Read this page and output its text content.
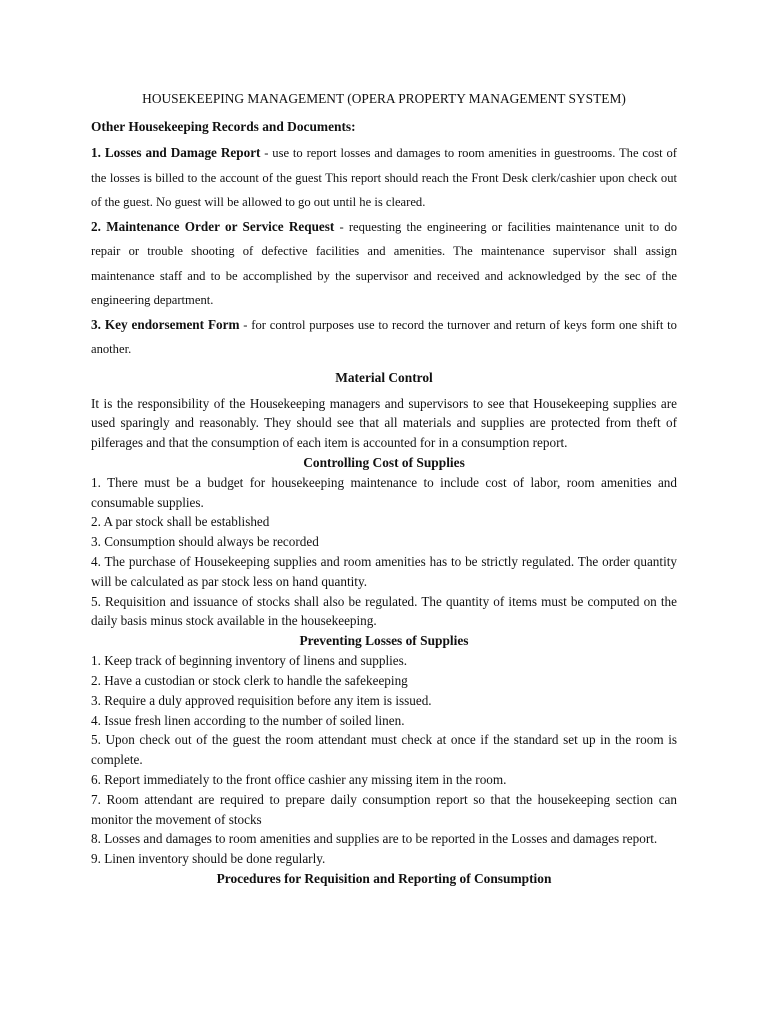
HOUSEKEEPING MANAGEMENT (OPERA PROPERTY MANAGEMENT SYSTEM)

Other Housekeeping Records and Documents:

1. Losses and Damage Report - use to report losses and damages to room amenities in guestrooms. The cost of the losses is billed to the account of the guest This report should reach the Front Desk clerk/cashier upon check out of the guest. No guest will be allowed to go out until he is cleared.

2. Maintenance Order or Service Request - requesting the engineering or facilities maintenance unit to do repair or trouble shooting of defective facilities and amenities. The maintenance supervisor shall assign maintenance staff and to be accomplished by the supervisor and received and acknowledged by the sec of the engineering department.

3. Key endorsement Form - for control purposes use to record the turnover and return of keys form one shift to another.

Material Control

It is the responsibility of the Housekeeping managers and supervisors to see that Housekeeping supplies are used sparingly and reasonably. They should see that all materials and supplies are protected from theft of pilferages and that the consumption of each item is accounted for in a consumption report.

Controlling Cost of Supplies

1. There must be a budget for housekeeping maintenance to include cost of labor, room amenities and consumable supplies.
2. A par stock shall be established
3. Consumption should always be recorded
4. The purchase of Housekeeping supplies and room amenities has to be strictly regulated. The order quantity will be calculated as par stock less on hand quantity.
5. Requisition and issuance of stocks shall also be regulated. The quantity of items must be computed on the daily basis minus stock available in the housekeeping.

Preventing Losses of Supplies

1. Keep track of beginning inventory of linens and supplies.
2. Have a custodian or stock clerk to handle the safekeeping
3. Require a duly approved requisition before any item is issued.
4. Issue fresh linen according to the number of soiled linen.
5. Upon check out of the guest the room attendant must check at once if the standard set up in the room is complete.
6. Report immediately to the front office cashier any missing item in the room.
7. Room attendant are required to prepare daily consumption report so that the housekeeping section can monitor the movement of stocks
8. Losses and damages to room amenities and supplies are to be reported in the Losses and damages report.
9. Linen inventory should be done regularly.

Procedures for Requisition and Reporting of Consumption
